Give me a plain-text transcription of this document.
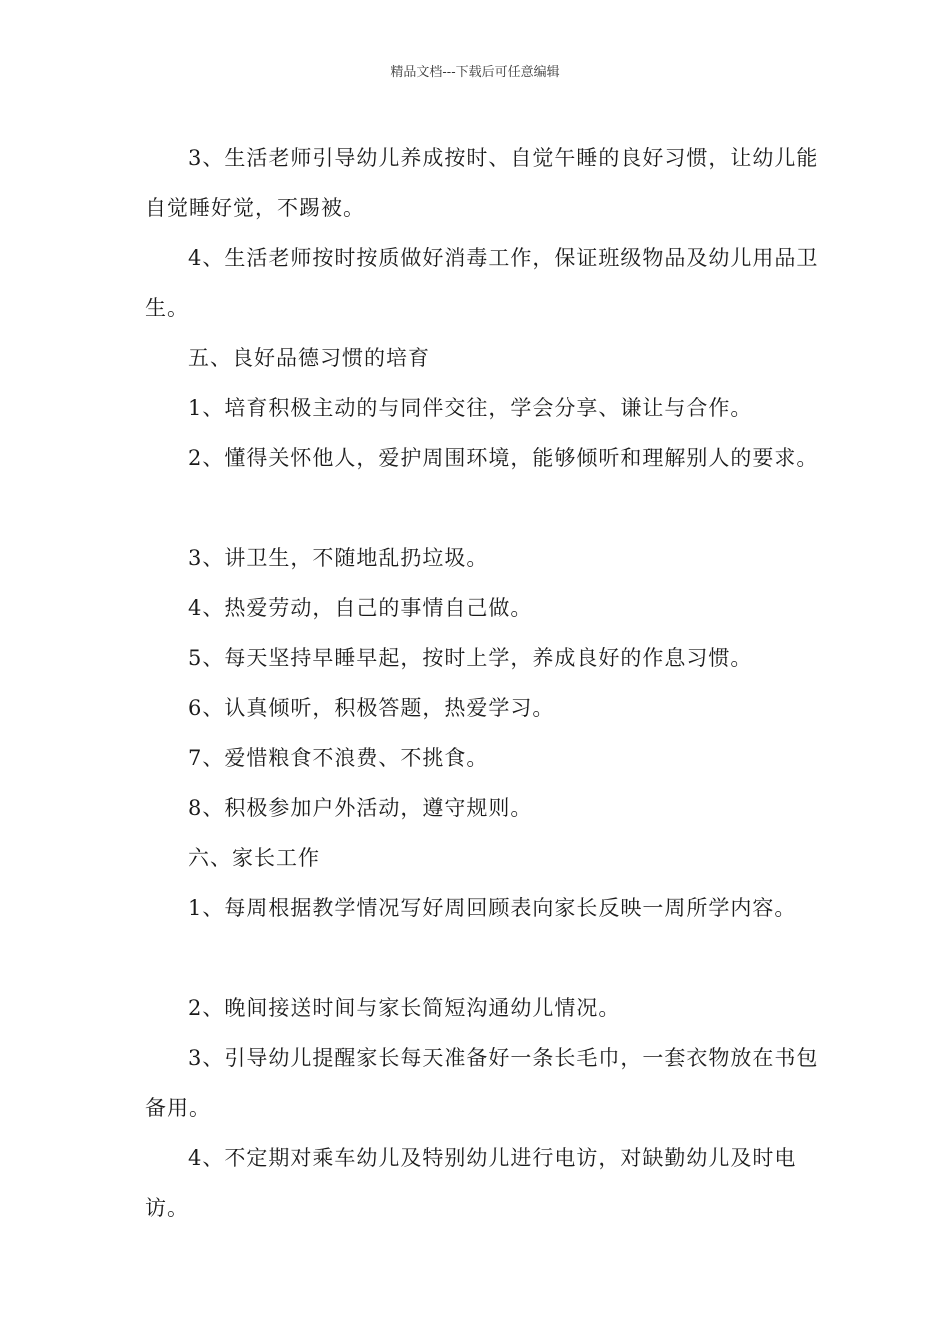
精品文档---下载后可任意编辑

3、生活老师引导幼儿养成按时、自觉午睡的良好习惯，让幼儿能自觉睡好觉，不踢被。

4、生活老师按时按质做好消毒工作，保证班级物品及幼儿用品卫生。

五、良好品德习惯的培育

1、培育积极主动的与同伴交往，学会分享、谦让与合作。

2、懂得关怀他人，爱护周围环境，能够倾听和理解别人的要求。

3、讲卫生，不随地乱扔垃圾。

4、热爱劳动，自己的事情自己做。

5、每天坚持早睡早起，按时上学，养成良好的作息习惯。

6、认真倾听，积极答题，热爱学习。

7、爱惜粮食不浪费、不挑食。

8、积极参加户外活动，遵守规则。

六、家长工作

1、每周根据教学情况写好周回顾表向家长反映一周所学内容。

2、晚间接送时间与家长简短沟通幼儿情况。

3、引导幼儿提醒家长每天准备好一条长毛巾，一套衣物放在书包备用。

4、不定期对乘车幼儿及特别幼儿进行电访，对缺勤幼儿及时电访。
